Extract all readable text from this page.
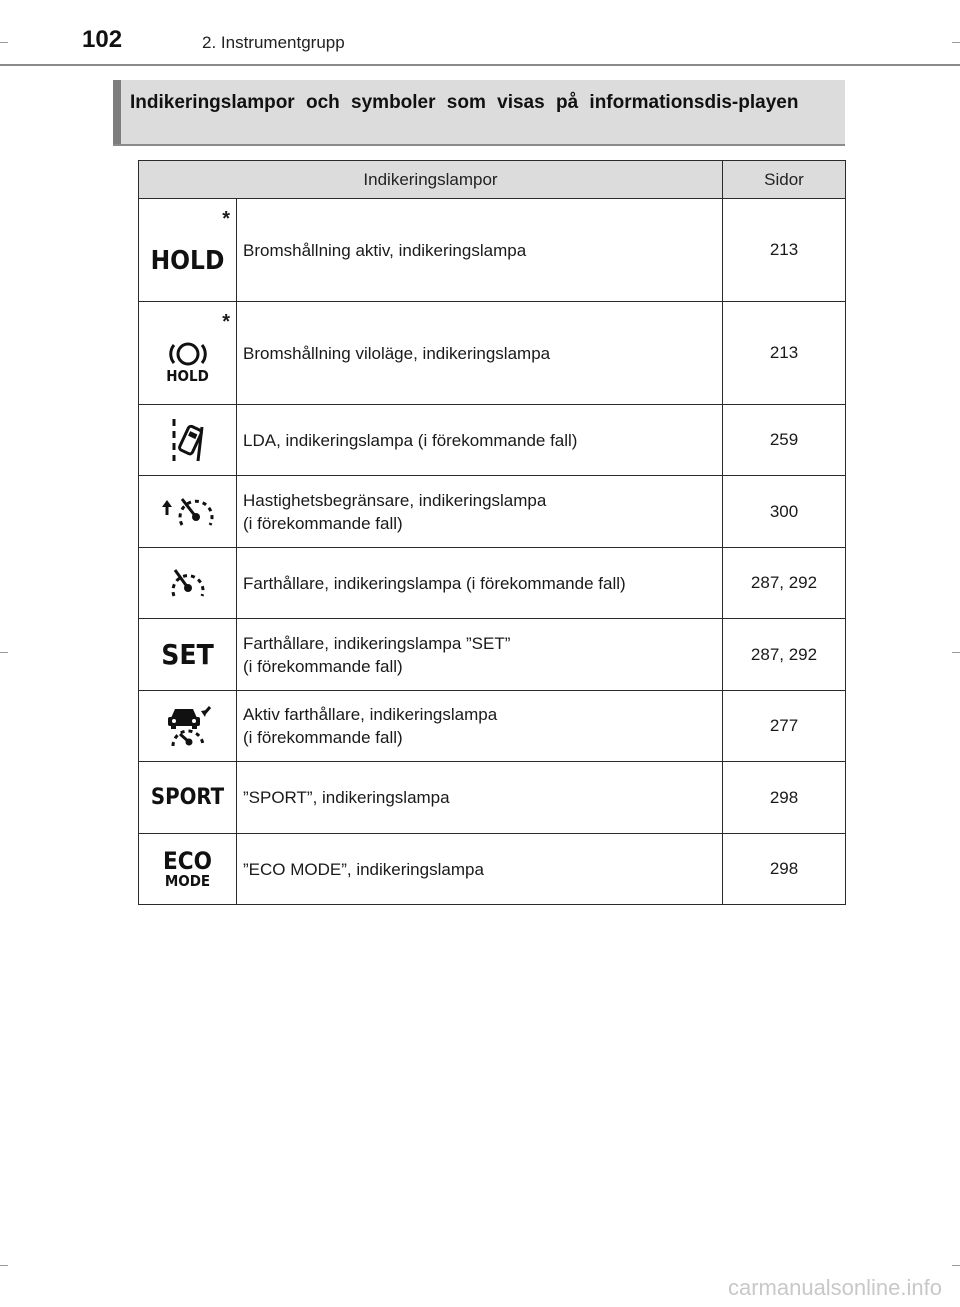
102	2. Instrumentgrupp
Indikeringslampor och symboler som visas på informationsdis-playen
Indikeringslampor		Sidor

*
HOLD	Bromshållning aktiv, indikeringslampa	213

*
HOLD	Bromshållning viloläge, indikeringslampa	213

LDA, indikeringslampa (i förekommande fall)	259

Hastighetsbegränsare, indikeringslampa
(i förekommande fall)	300

Farthållare, indikeringslampa (i förekommande fall)	287, 292
SET	Farthållare, indikeringslampa ”SET”
(i förekommande fall)	287, 292

Aktiv farthållare, indikeringslampa
(i förekommande fall)	277
SPORT	”SPORT”, indikeringslampa	298

ECO
MODE	”ECO MODE”, indikeringslampa	298
carmanualsonline.info
